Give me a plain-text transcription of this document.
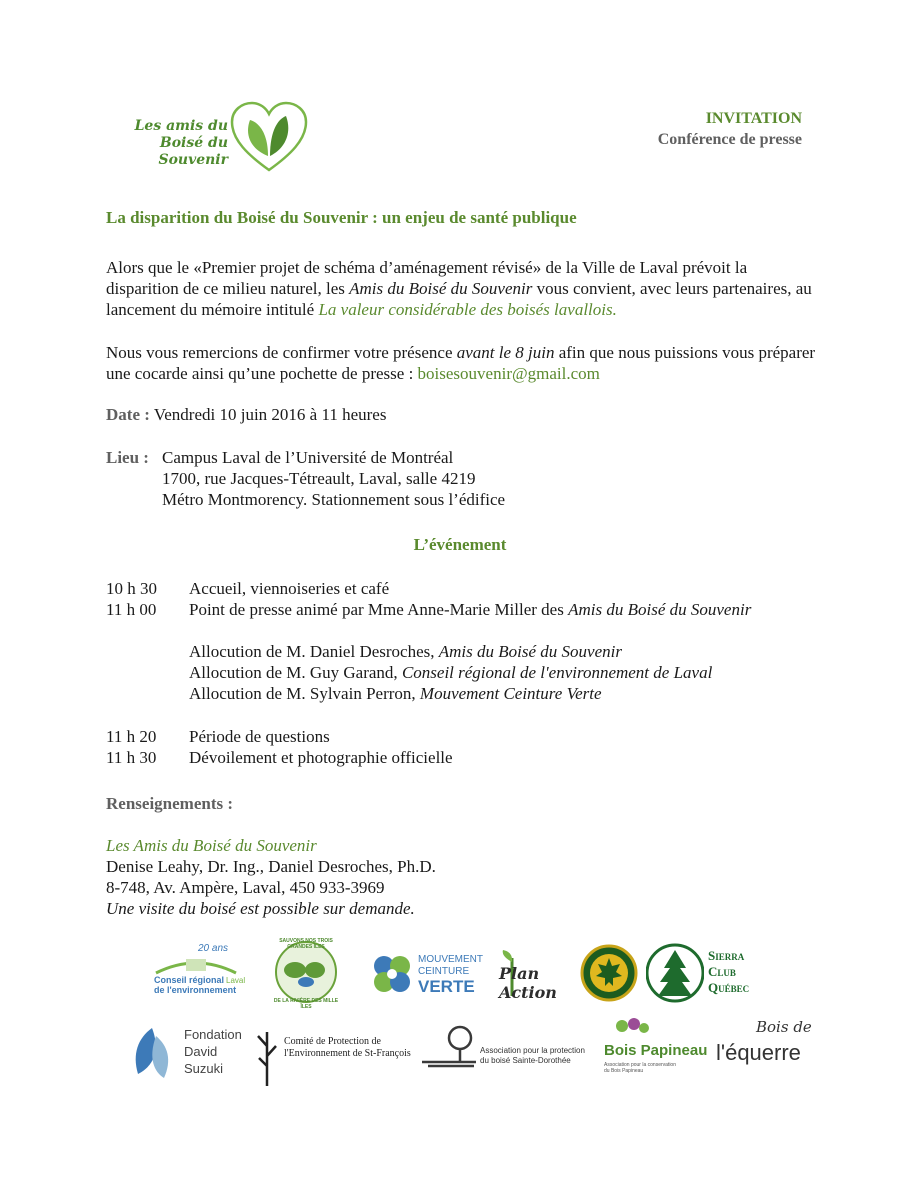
Les amis du
Boisé du Souvenir
INVITATION
Conférence de presse
La disparition du Boisé du Souvenir : un enjeu de santé publique
Alors que le «Premier projet de schéma d’aménagement révisé» de la Ville de Laval prévoit la disparition de ce milieu naturel, les Amis du Boisé du Souvenir vous convient, avec leurs partenaires, au lancement du mémoire intitulé La valeur considérable des boisés lavallois.
Nous vous remercions de confirmer votre présence avant le 8 juin afin que nous puissions vous préparer une cocarde ainsi qu’une pochette de presse : boisesouvenir@gmail.com
Date : Vendredi 10 juin 2016 à 11 heures
Lieu : Campus Laval de l’Université de Montréal
1700, rue Jacques-Tétreault, Laval, salle 4219
Métro Montmorency. Stationnement sous l’édifice
L’événement
10 h 30	Accueil, viennoiseries et café
11 h 00	Point de presse animé par Mme Anne-Marie Miller des Amis du Boisé du Souvenir
Allocution de M. Daniel Desroches, Amis du Boisé du Souvenir
Allocution de M. Guy Garand, Conseil régional de l'environnement de Laval
Allocution de M. Sylvain Perron, Mouvement Ceinture Verte
11 h 20	Période de questions
11 h 30	Dévoilement et photographie officielle
Renseignements :
Les Amis du Boisé du Souvenir
Denise Leahy, Dr. Ing., Daniel Desroches, Ph.D.
8-748, Av. Ampère, Laval, 450 933-3969
Une visite du boisé est possible sur demande.
20 ans
Conseil régional
de l'environnement
Laval
SAUVONS NOS TROIS GRANDES ÎLES
DE LA RIVIÈRE DES MILLE ÎLES
MOUVEMENT
CEINTURE
VERTE
Plan Action
Sierra
Club
Québec
Fondation
David
Suzuki
Comité de Protection de
l'Environnement de St-François	Association pour la protection
du boisé Sainte-Dorothée
Bois Papineau
Association pour la conservation
du Bois Papineau
Bois de
l'équerre
